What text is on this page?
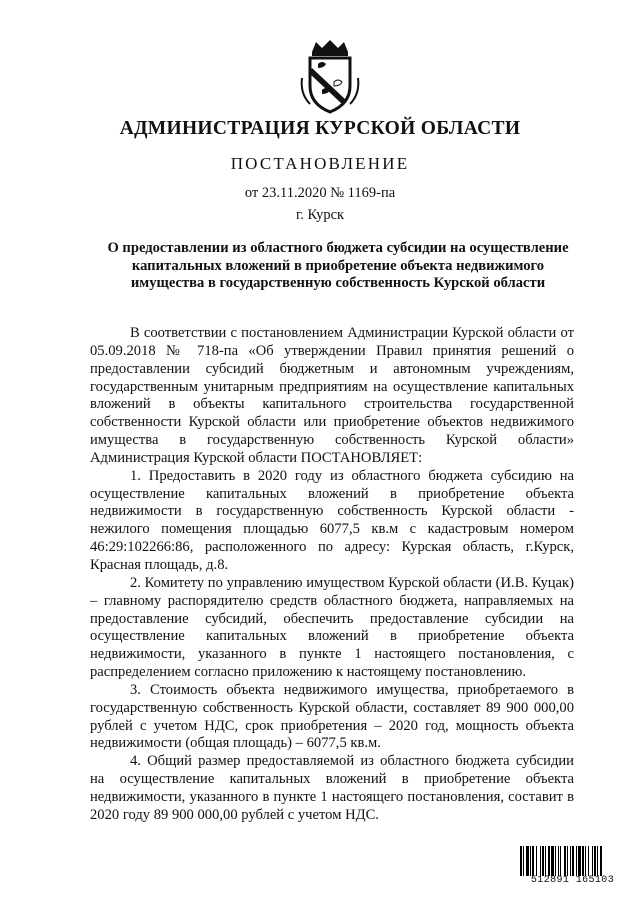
АДМИНИСТРАЦИЯ КУРСКОЙ ОБЛАСТИ
ПОСТАНОВЛЕНИЕ
от 23.11.2020 № 1169-па
г. Курск
О предоставлении из областного бюджета субсидии на осуществление капитальных вложений в приобретение объекта недвижимого имущества в государственную собственность Курской области

В соответствии с постановлением Администрации Курской области от 05.09.2018 № 718-па «Об утверждении Правил принятия решений о предоставлении субсидий бюджетным и автономным учреждениям, государственным унитарным предприятиям на осуществление капитальных вложений в объекты капитального строительства государственной собственности Курской области или приобретение объектов недвижимого имущества в государственную собственность Курской области» Администрация Курской области ПОСТАНОВЛЯЕТ:

1. Предоставить в 2020 году из областного бюджета субсидию на осуществление капитальных вложений в приобретение объекта недвижимости в государственную собственность Курской области - нежилого помещения площадью 6077,5 кв.м с кадастровым номером 46:29:102266:86, расположенного по адресу: Курская область, г.Курск, Красная площадь, д.8.

2. Комитету по управлению имуществом Курской области (И.В. Куцак) – главному распорядителю средств областного бюджета, направляемых на предоставление субсидий, обеспечить предоставление субсидии на осуществление капитальных вложений в приобретение объекта недвижимости, указанного в пункте 1 настоящего постановления, с распределением согласно приложению к настоящему постановлению.

3. Стоимость объекта недвижимого имущества, приобретаемого в государственную собственность Курской области, составляет 89 900 000,00 рублей с учетом НДС, срок приобретения – 2020 год, мощность объекта недвижимости (общая площадь) – 6077,5 кв.м.

4. Общий размер предоставляемой из областного бюджета субсидии на осуществление капитальных вложений в приобретение объекта недвижимости, указанного в пункте 1 настоящего постановления, составит в 2020 году 89 900 000,00 рублей с учетом НДС.

512891 165103
